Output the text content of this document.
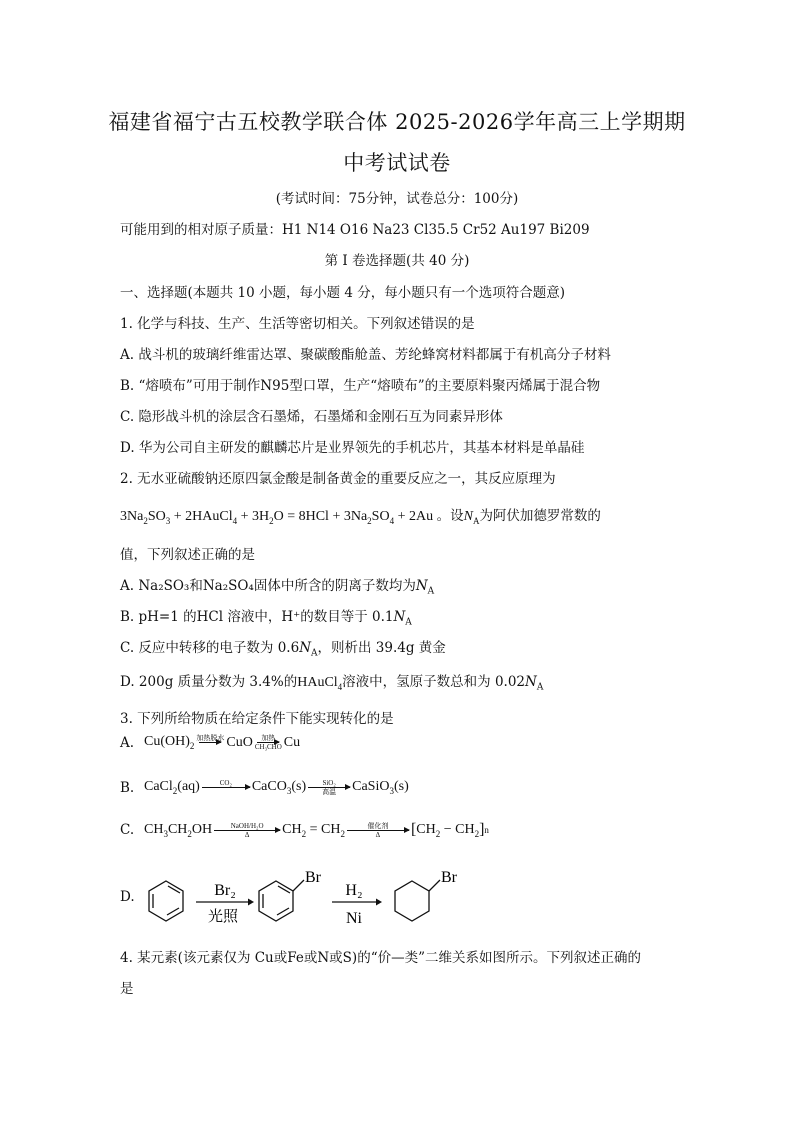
福建省福宁古五校教学联合体 2025-2026学年高三上学期期
中考试试卷
(考试时间：75分钟，试卷总分：100分)
可能用到的相对原子质量：H1 N14 O16 Na23 Cl35.5 Cr52 Au197 Bi209
第 I 卷选择题(共 40 分)
一、选择题(本题共 10 小题，每小题 4 分，每小题只有一个选项符合题意)
1. 化学与科技、生产、生活等密切相关。下列叙述错误的是
A. 战斗机的玻璃纤维雷达罩、聚碳酸酯舱盖、芳纶蜂窝材料都属于有机高分子材料
B. “熔喷布”可用于制作N95型口罩，生产“熔喷布”的主要原料聚丙烯属于混合物
C. 隐形战斗机的涂层含石墨烯，石墨烯和金刚石互为同素异形体
D. 华为公司自主研发的麒麟芯片是业界领先的手机芯片，其基本材料是单晶硅
2. 无水亚硫酸钠还原四氯金酸是制备黄金的重要反应之一，其反应原理为
$3Na_2SO_3$ + 2HAuCl$_4$ + $3H_2O = 8HCl + 3Na_2SO_4 + 2Au$ 。设$N_A$为阿伏加德罗常数的
值，下列叙述正确的是
A. Na₂SO₃和Na₂SO₄固体中所含的阴离子数均为$N_A$
B. pH=1 的HCl 溶液中，H⁺的数目等于 $0.1N_A$
C. 反应中转移的电子数为 $0.6N_A$，则析出 39.4g 黄金
D. 200g 质量分数为 3.4%的HAuCl$_4$溶液中，氢原子数总和为 $0.02N_A$
3. 下列所给物质在给定条件下能实现转化的是
A. $Cu(OH)_2$
加热脱水
CuO 加热
CH₃CHO Cu
B. CaCl$_2$(aq)	CO₂
CaCO$_3$(s) SiO₂
高温 CaSiO$_3$(s)
C. $CH_3CH_2OH$	NaOH/H₂O
Δ $CH_2 = CH_2$
催化剂
Δ [ $CH_2 - CH_2$ ] n
D.	Br₂
光照
Br
H₂
Ni
Br
4. 某元素(该元素仅为 Cu或Fe或N或S)的“价—类”二维关系如图所示。下列叙述正确的
是
